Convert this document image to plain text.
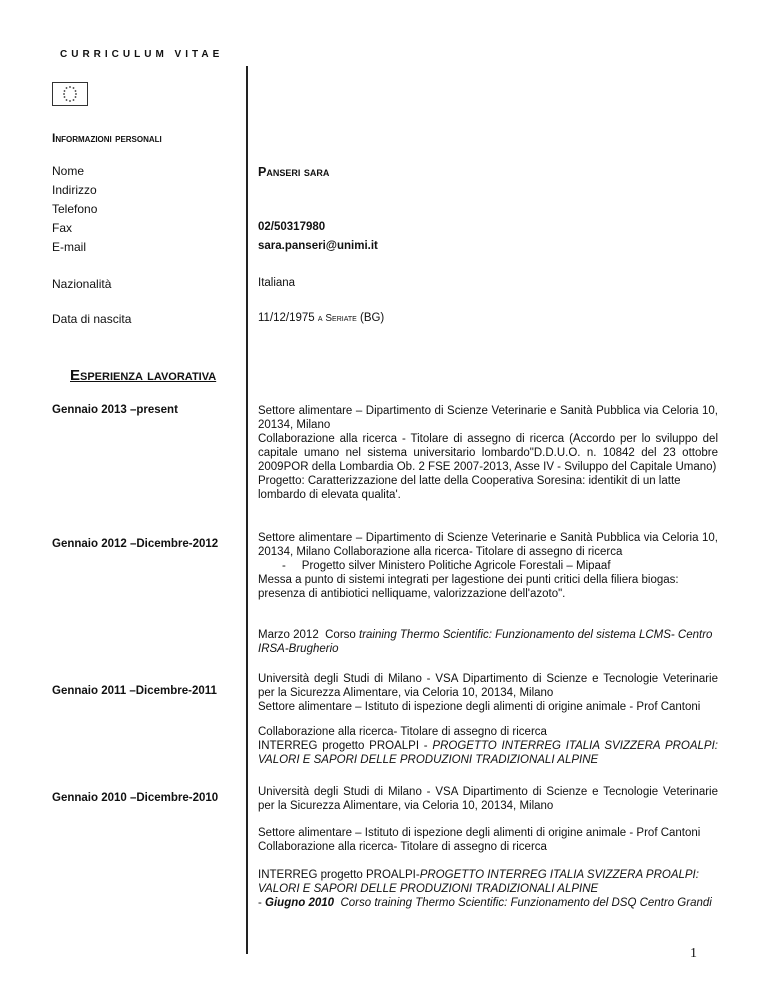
CURRICULUM VITAE
Informazioni personali
Nome	Panseri sara
Indirizzo
Telefono
Fax	02/50317980
E-mail	sara.panseri@unimi.it
Nazionalità	Italiana
Data di nascita	11/12/1975 a Seriate (BG)
Esperienza lavorativa
Gennaio 2013 –present	Settore alimentare – Dipartimento di Scienze Veterinarie e Sanità Pubblica via Celoria 10, 20134, Milano

Collaborazione alla ricerca - Titolare di assegno di ricerca (Accordo per lo sviluppo del capitale umano nel sistema universitario lombardo"D.D.U.O. n. 10842 del 23 ottobre 2009POR della Lombardia Ob. 2 FSE 2007-2013, Asse IV - Sviluppo del Capitale Umano)

Progetto: Caratterizzazione del latte della Cooperativa Soresina: identikit di un latte lombardo di elevata qualita'.

Gennaio 2012 –Dicembre-2012	Settore alimentare – Dipartimento di Scienze Veterinarie e Sanità Pubblica via Celoria 10, 20134, Milano Collaborazione alla ricerca- Titolare di assegno di ricerca

-     Progetto silver Ministero Politiche Agricole Forestali – Mipaaf

Messa a punto di sistemi integrati per lagestione dei punti critici della filiera biogas: presenza di antibiotici nelliquame, valorizzazione dell'azoto".

Marzo 2012  Corso training Thermo Scientific: Funzionamento del sistema LCMS- Centro IRSA-Brugherio
Gennaio 2011 –Dicembre-2011

Università degli Studi di Milano - VSA Dipartimento di Scienze e Tecnologie Veterinarie per la Sicurezza Alimentare, via Celoria 10, 20134, Milano

Settore alimentare – Istituto di ispezione degli alimenti di origine animale - Prof Cantoni

Collaborazione alla ricerca- Titolare di assegno di ricerca

INTERREG progetto PROALPI - PROGETTO INTERREG ITALIA SVIZZERA PROALPI: VALORI E SAPORI DELLE PRODUZIONI TRADIZIONALI ALPINE

Gennaio 2010 –Dicembre-2010	Università degli Studi di Milano - VSA Dipartimento di Scienze e Tecnologie Veterinarie per la Sicurezza Alimentare, via Celoria 10, 20134, Milano

Settore alimentare – Istituto di ispezione degli alimenti di origine animale - Prof Cantoni

Collaborazione alla ricerca- Titolare di assegno di ricerca

INTERREG progetto PROALPI-PROGETTO INTERREG ITALIA SVIZZERA PROALPI: VALORI E SAPORI DELLE PRODUZIONI TRADIZIONALI ALPINE

- Giugno 2010  Corso training Thermo Scientific: Funzionamento del DSQ Centro Grandi

1
